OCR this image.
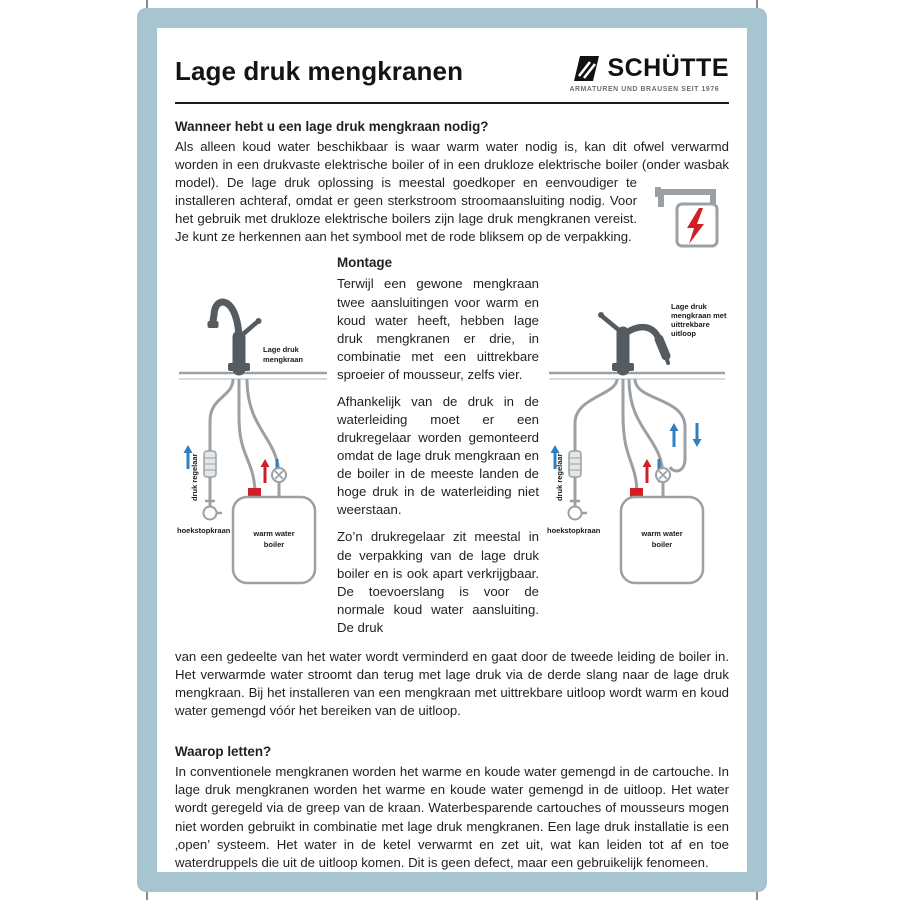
Lage druk mengkranen	SCHÜTTE
ARMATUREN UND BRAUSEN SEIT 1976
Wanneer hebt u een lage druk mengkraan nodig?

Als alleen koud water beschikbaar is waar warm water nodig is, kan dit ofwel verwarmd worden in een drukvaste elektrische boiler of in een drukloze elektrische boiler (onder wasbak model). De lage druk oplossing is meestal goedkoper en eenvoudiger te installeren achteraf, omdat er geen sterkstroom stroomaansluiting nodig. Voor het gebruik met drukloze elektrische boilers zijn lage druk mengkranen vereist. Je kunt ze herkennen aan het symbool met de rode bliksem op de verpakking.

Lage druk
mengkraan
druk regelaar
warm water
boiler
hoekstopkraan
Montage

Terwijl een gewone mengkraan twee aansluitingen voor warm en koud water heeft, hebben lage druk mengkranen er drie, in combinatie met een uittrekbare sproeier of mousseur, zelfs vier.

Afhankelijk van de druk in de waterleiding moet er een drukregelaar worden gemonteerd omdat de lage druk mengkraan en de boiler in de meeste landen de hoge druk in de waterleiding niet weerstaan.

Zo’n drukregelaar zit meestal in de verpakking van de lage druk boiler en is ook apart verkrijgbaar. De toevoerslang is voor de normale koud water aansluiting. De druk

Lage druk
mengkraan met
uittrekbare
uitloop
druk regelaar
warm water
boiler
hoekstopkraan

van een gedeelte van het water wordt verminderd en gaat door de tweede leiding de boiler in. Het verwarmde water stroomt dan terug met lage druk via de derde slang naar de lage druk mengkraan. Bij het installeren van een mengkraan met uittrekbare uitloop wordt warm en koud water gemengd vóór het bereiken van de uitloop.

Waarop letten?

In conventionele mengkranen worden het warme en koude water gemengd in de cartouche. In lage druk mengkranen worden het warme en koude water gemengd in de uitloop. Het water wordt geregeld via de greep van de kraan. Waterbesparende cartouches of mousseurs mogen niet worden gebruikt in combinatie met lage druk mengkranen. Een lage druk installatie is een ‚open’ systeem. Het water in de ketel verwarmt en zet uit, wat kan leiden tot af en toe waterdruppels die uit de uitloop komen. Dit is geen defect, maar een gebruikelijk fenomeen.
